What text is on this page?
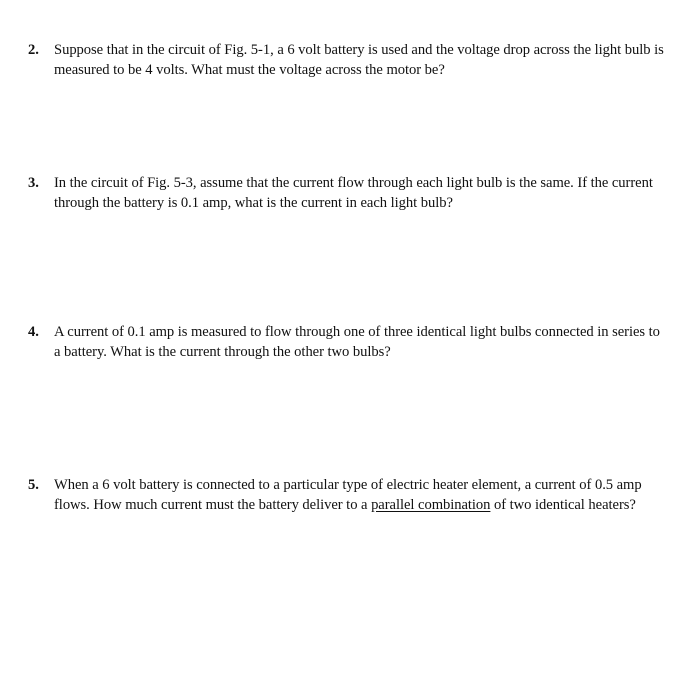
2. Suppose that in the circuit of Fig. 5-1, a 6 volt battery is used and the voltage drop across the light bulb is measured to be 4 volts. What must the voltage across the motor be?
3. In the circuit of Fig. 5-3, assume that the current flow through each light bulb is the same. If the current through the battery is 0.1 amp, what is the current in each light bulb?
4. A current of 0.1 amp is measured to flow through one of three identical light bulbs connected in series to a battery. What is the current through the other two bulbs?
5. When a 6 volt battery is connected to a particular type of electric heater element, a current of 0.5 amp flows. How much current must the battery deliver to a parallel combination of two identical heaters?
